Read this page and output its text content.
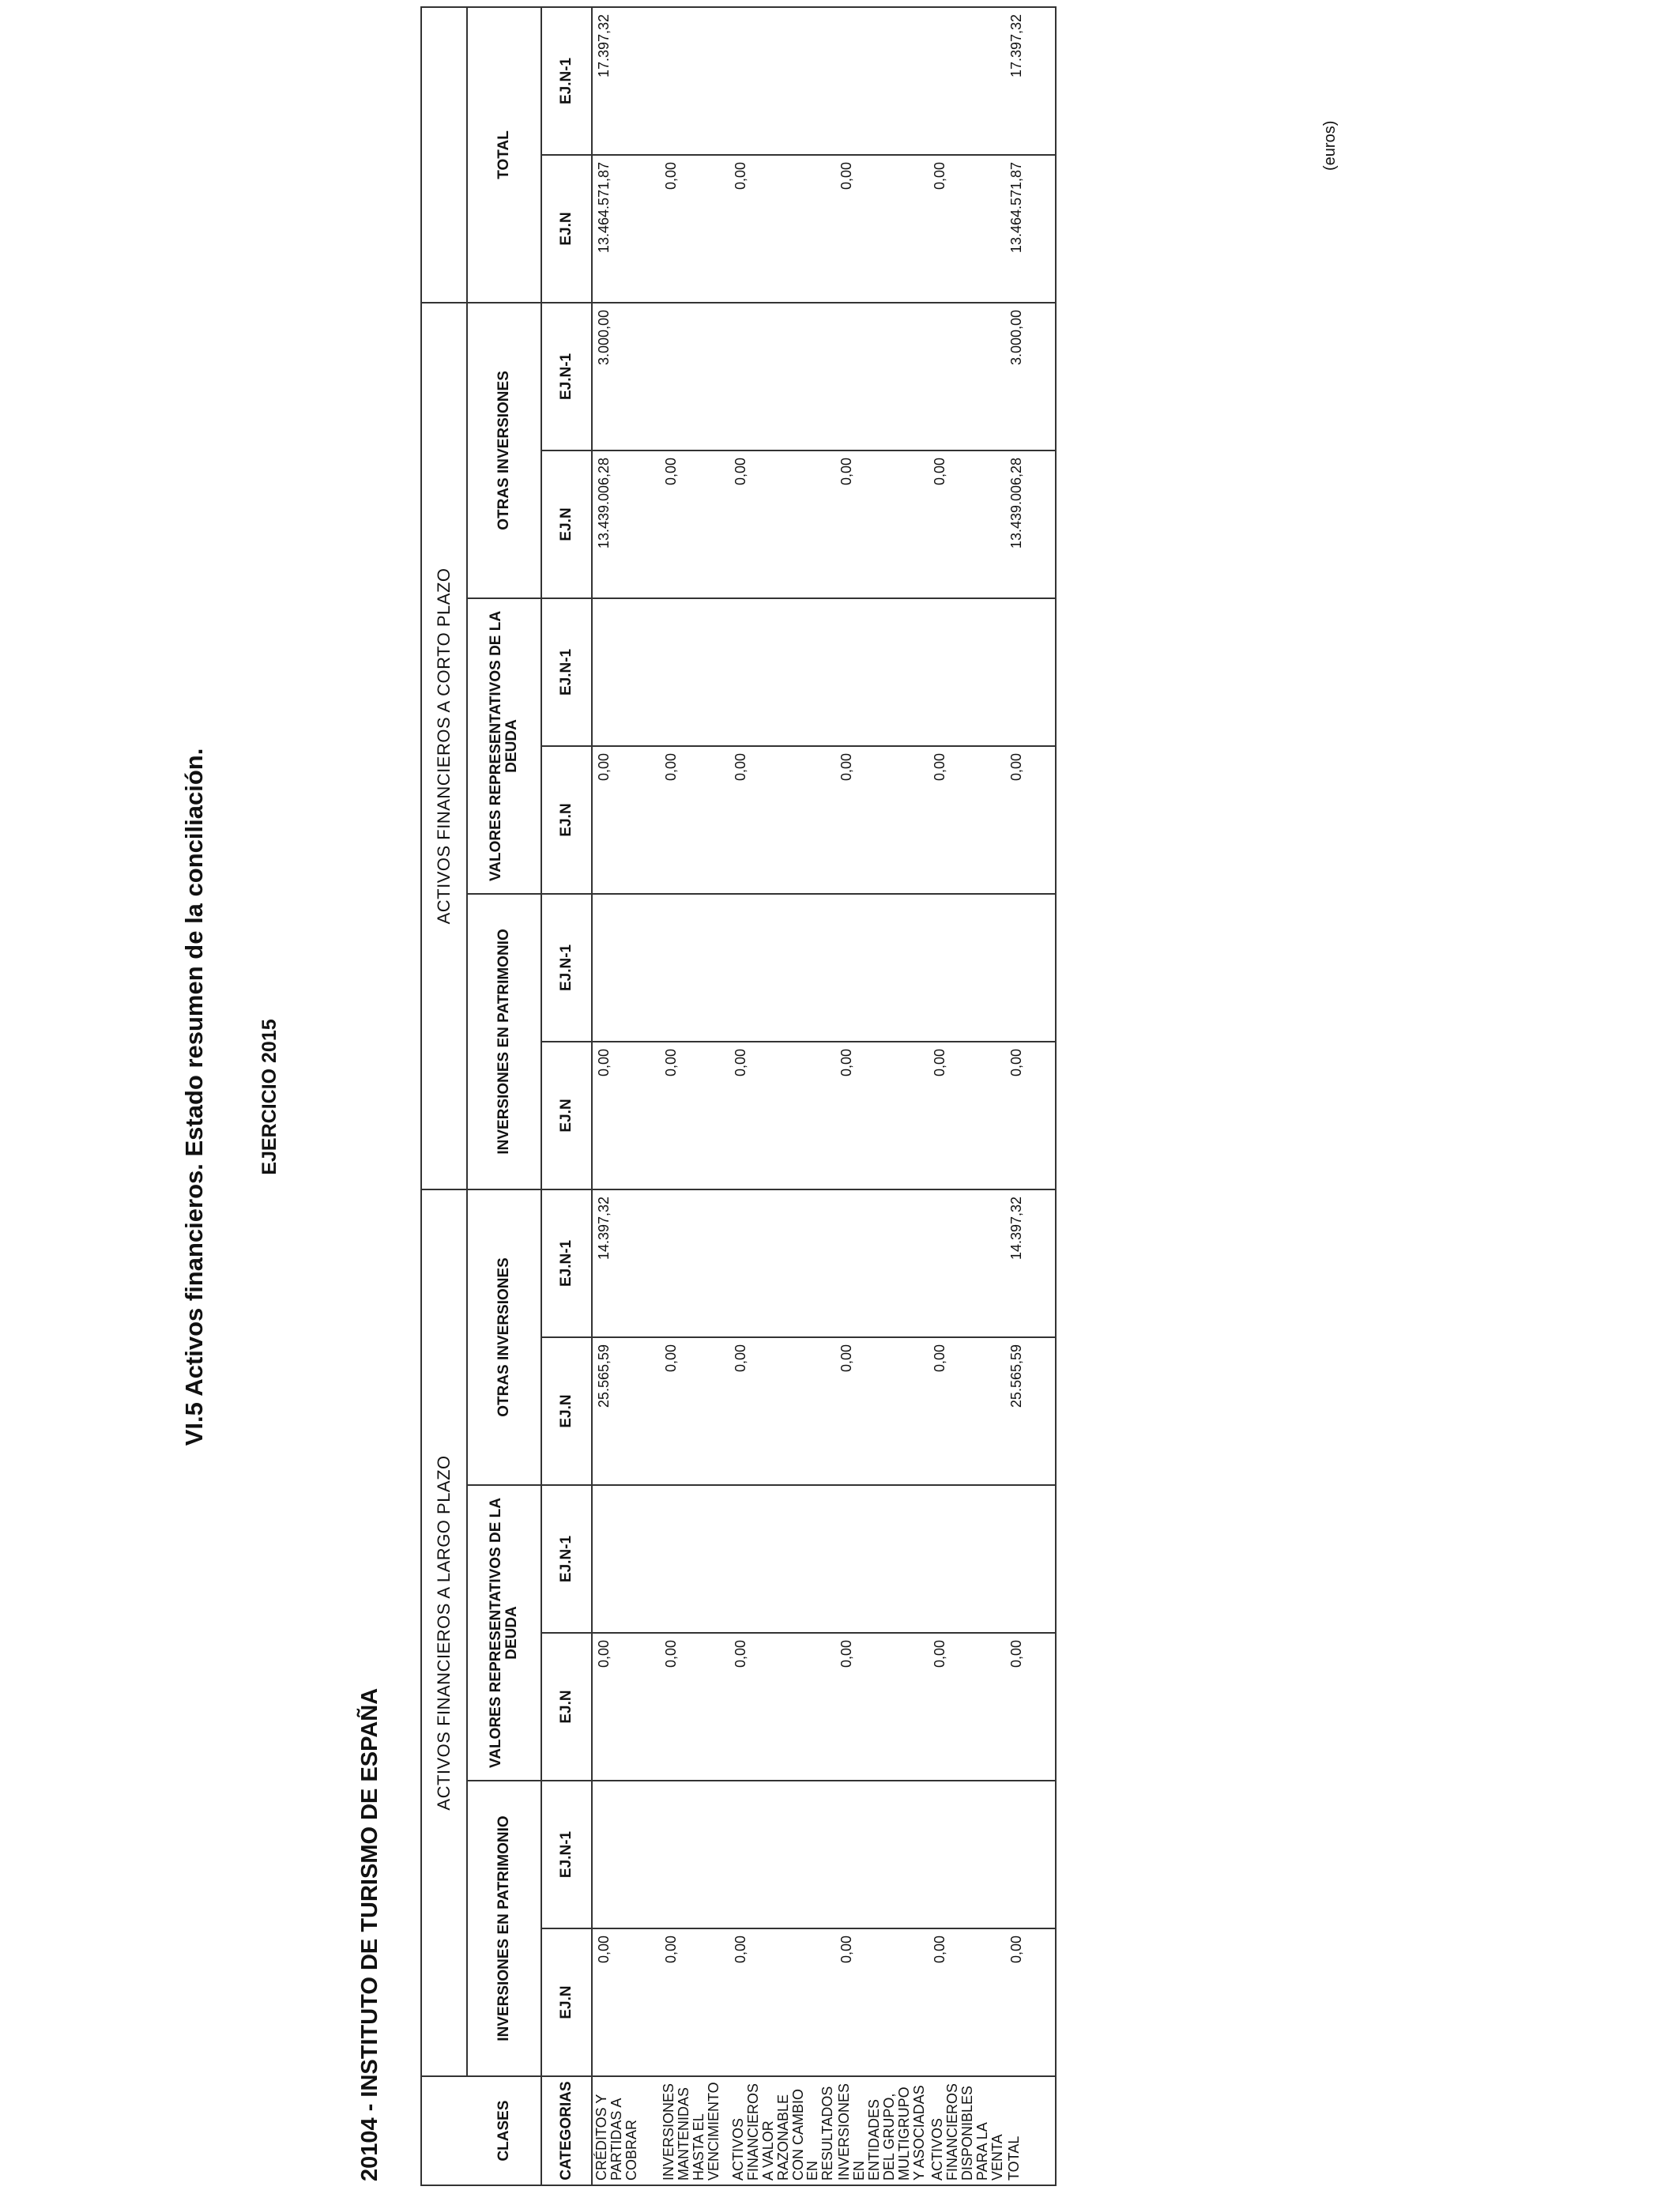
VI.5 Activos financieros. Estado resumen de la conciliación.	EJERCICIO 2015
20104 - INSTITUTO DE TURISMO DE ESPAÑA
(euros)
	ACTIVOS FINANCIEROS A LARGO PLAZO						ACTIVOS FINANCIEROS A CORTO PLAZO							
CLASES	INVERSIONES EN PATRIMONIO		VALORES REPRESENTATIVOS DE LA DEUDA		OTRAS INVERSIONES		INVERSIONES EN PATRIMONIO		VALORES REPRESENTATIVOS DE LA DEUDA		OTRAS INVERSIONES		TOTAL	
CATEGORIAS	EJ.N	EJ.N-1	EJ.N	EJ.N-1	EJ.N	EJ.N-1	EJ.N	EJ.N-1	EJ.N	EJ.N-1	EJ.N	EJ.N-1	EJ.N	EJ.N-1
CRÉDITOS Y PARTIDAS A COBRAR	0,00		0,00		25.565,59	14.397,32	0,00		0,00		13.439.006,28	3.000,00	13.464.571,87	17.397,32
INVERSIONES MANTENIDAS HASTA EL VENCIMIENTO	0,00		0,00		0,00		0,00		0,00		0,00		0,00	
ACTIVOS FINANCIEROS A VALOR RAZONABLE CON CAMBIO EN RESULTADOS	0,00		0,00		0,00		0,00		0,00		0,00		0,00	
INVERSIONES EN ENTIDADES DEL GRUPO, MULTIGRUPO Y ASOCIADAS	0,00		0,00		0,00		0,00		0,00		0,00		0,00	
ACTIVOS FINANCIEROS DISPONIBLES PARA LA VENTA	0,00		0,00		0,00		0,00		0,00		0,00		0,00	
TOTAL	0,00		0,00		25.565,59	14.397,32	0,00		0,00		13.439.006,28	3.000,00	13.464.571,87	17.397,32
